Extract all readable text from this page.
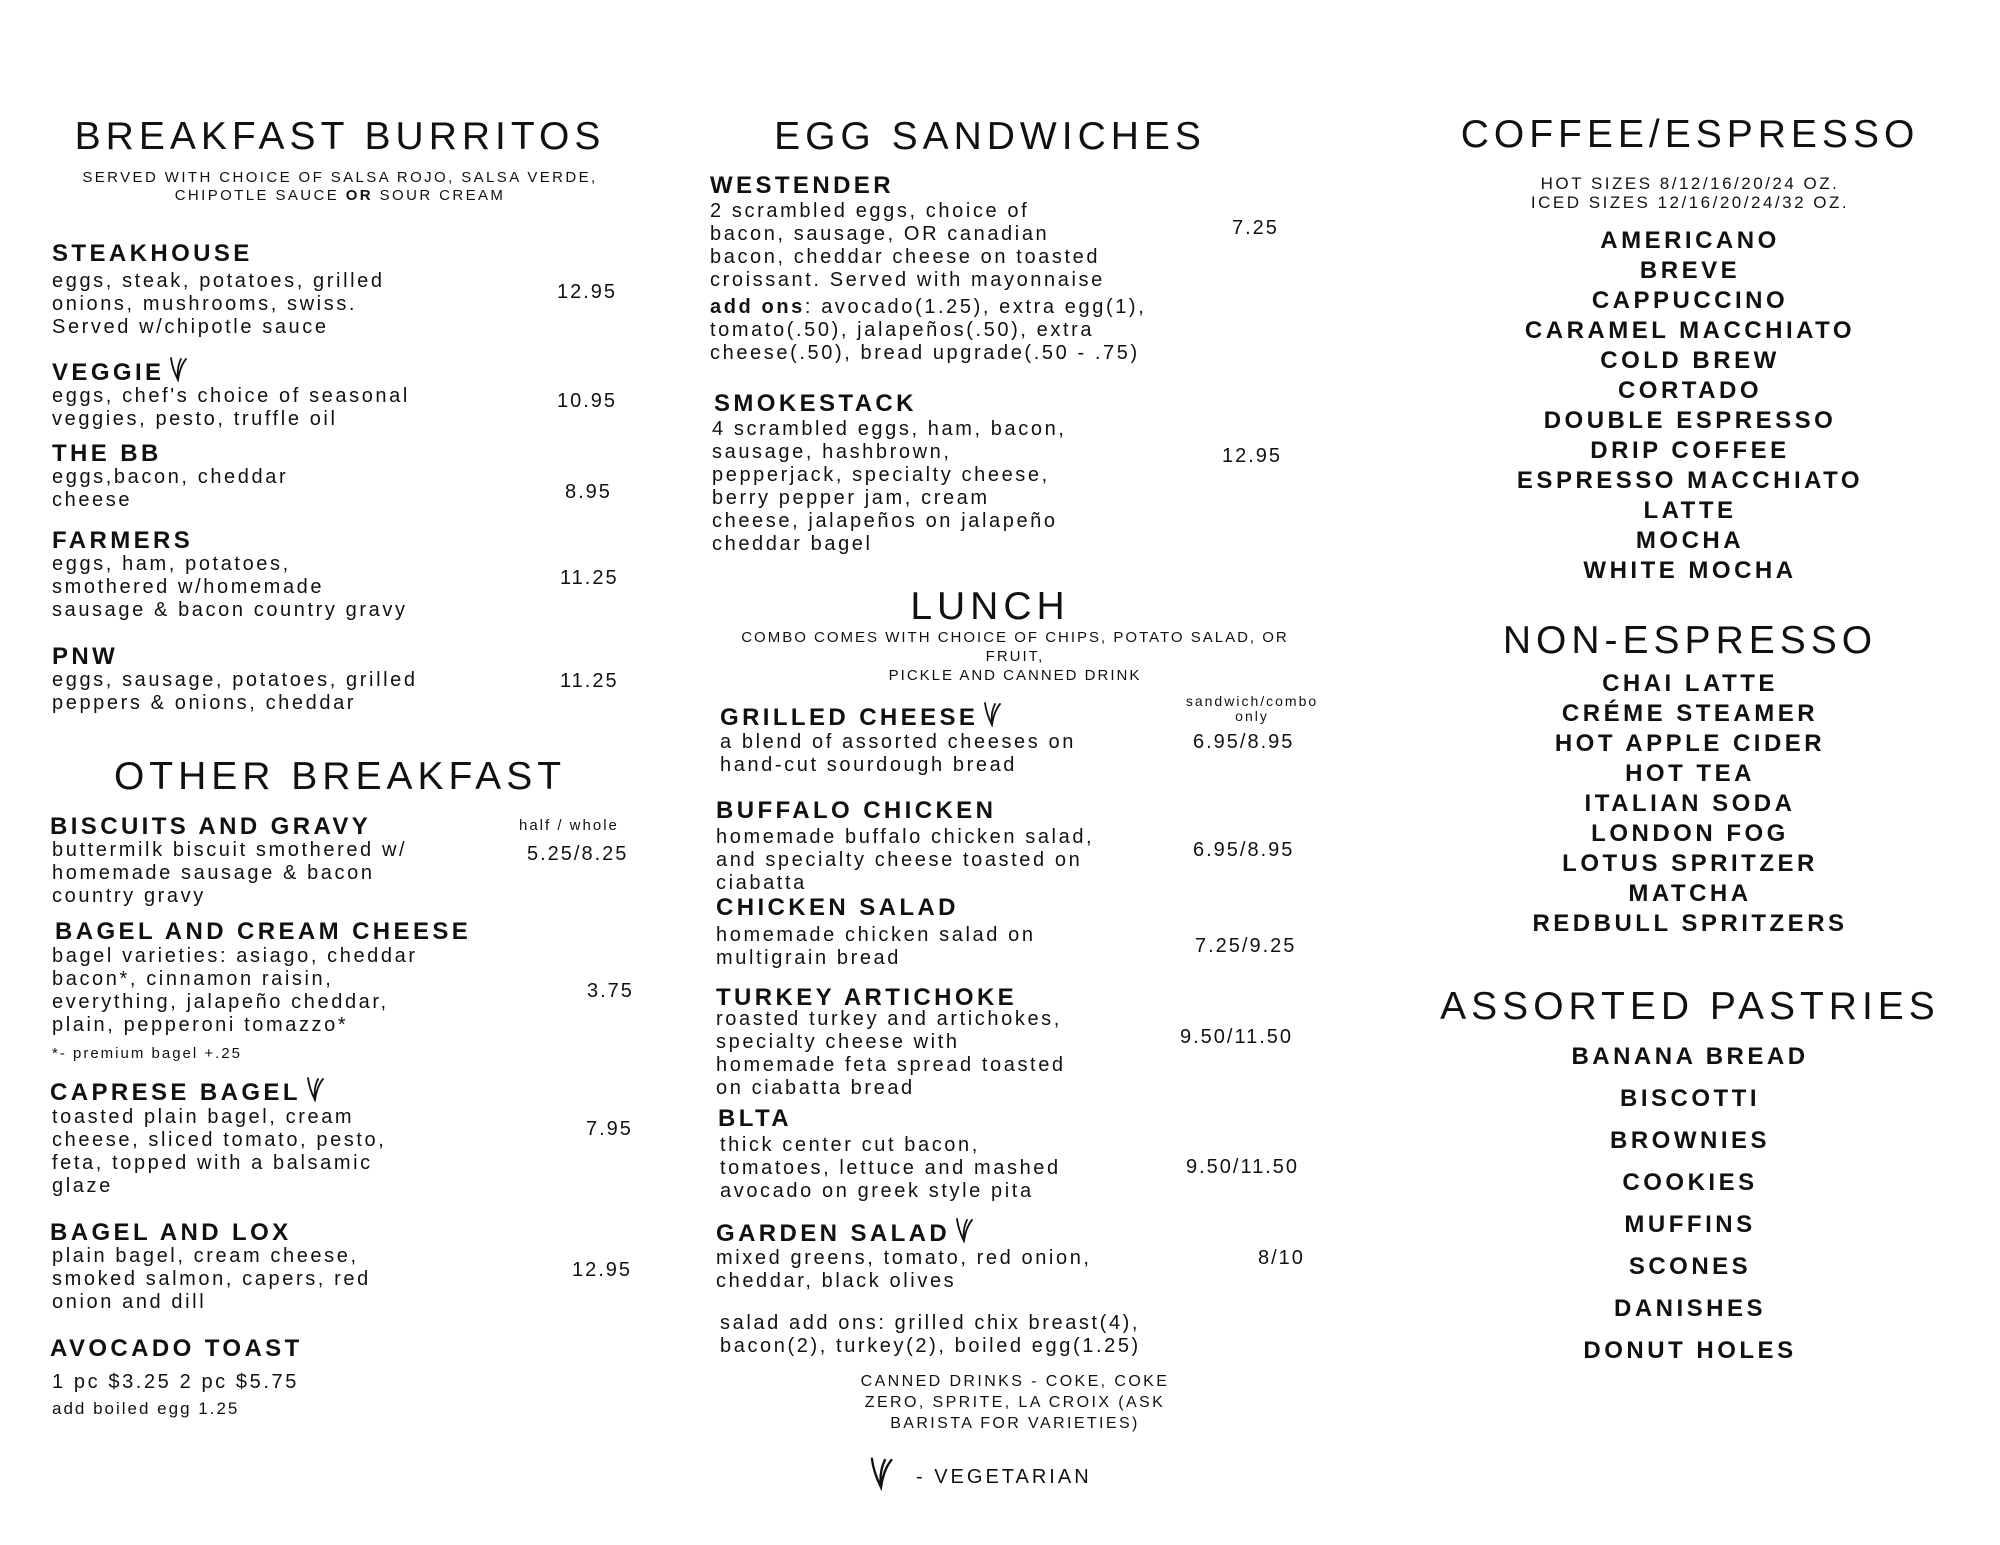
BREAKFAST BURRITOS
SERVED WITH CHOICE OF SALSA ROJO, SALSA VERDE,
CHIPOTLE SAUCE OR SOUR CREAM
STEAKHOUSE
eggs, steak, potatoes, grilled
onions, mushrooms, swiss.
Served w/chipotle sauce
12.95
VEGGIE
eggs, chef's choice of seasonal
veggies, pesto, truffle oil
10.95
THE BB
eggs,bacon, cheddar
cheese	8.95
FARMERS
eggs, ham, potatoes,
smothered w/homemade
sausage & bacon country gravy
11.25
PNW
eggs, sausage, potatoes, grilled
peppers & onions, cheddar
11.25
OTHER BREAKFAST
BISCUITS AND GRAVY	half / whole
buttermilk biscuit smothered w/
homemade sausage & bacon
country gravy
5.25/8.25
BAGEL AND CREAM CHEESE
bagel varieties: asiago, cheddar
bacon*, cinnamon raisin,
everything, jalapeño cheddar,
plain, pepperoni tomazzo*
3.75
*- premium bagel +.25
CAPRESE BAGEL
toasted plain bagel, cream
cheese, sliced tomato, pesto,
feta, topped with a balsamic
glaze
7.95
BAGEL AND LOX
plain bagel, cream cheese,
smoked salmon, capers, red
onion and dill
12.95
AVOCADO TOAST
1 pc $3.25 2 pc $5.75
add boiled egg 1.25
EGG SANDWICHES
WESTENDER
2 scrambled eggs, choice of
bacon, sausage, OR canadian
bacon, cheddar cheese on toasted
croissant. Served with mayonnaise
7.25
add ons: avocado(1.25), extra egg(1),
tomato(.50), jalapeños(.50), extra
cheese(.50), bread upgrade(.50 - .75)
SMOKESTACK
4 scrambled eggs, ham, bacon,
sausage, hashbrown,
pepperjack, specialty cheese,
berry pepper jam, cream
cheese, jalapeños on jalapeño
cheddar bagel
12.95
LUNCH
COMBO COMES WITH CHOICE OF CHIPS, POTATO SALAD, OR FRUIT,
PICKLE AND CANNED DRINK
sandwich/combo
only
GRILLED CHEESE
a blend of assorted cheeses on
hand-cut sourdough bread
6.95/8.95
BUFFALO CHICKEN
homemade buffalo chicken salad,
and specialty cheese toasted on
ciabatta
6.95/8.95
CHICKEN SALAD
homemade chicken salad on
multigrain bread
7.25/9.25
TURKEY ARTICHOKE
roasted turkey and artichokes,
specialty cheese with
homemade feta spread toasted
on ciabatta bread
9.50/11.50
BLTA
thick center cut bacon,
tomatoes, lettuce and mashed
avocado on greek style pita
9.50/11.50
GARDEN SALAD
mixed greens, tomato, red onion,
cheddar, black olives
8/10
salad add ons: grilled chix breast(4),
bacon(2), turkey(2), boiled egg(1.25)
CANNED DRINKS - COKE, COKE
ZERO, SPRITE, LA CROIX (ASK
BARISTA FOR VARIETIES)
- VEGETARIAN
COFFEE/ESPRESSO
HOT SIZES 8/12/16/20/24 OZ.
ICED SIZES 12/16/20/24/32 OZ.
AMERICANO
BREVE
CAPPUCCINO
CARAMEL MACCHIATO
COLD BREW
CORTADO
DOUBLE ESPRESSO
DRIP COFFEE
ESPRESSO MACCHIATO
LATTE
MOCHA
WHITE MOCHA
NON-ESPRESSO
CHAI LATTE
CRÉME STEAMER
HOT APPLE CIDER
HOT TEA
ITALIAN SODA
LONDON FOG
LOTUS SPRITZER
MATCHA
REDBULL SPRITZERS
ASSORTED PASTRIES
BANANA BREAD
BISCOTTI
BROWNIES
COOKIES
MUFFINS
SCONES
DANISHES
DONUT HOLES
